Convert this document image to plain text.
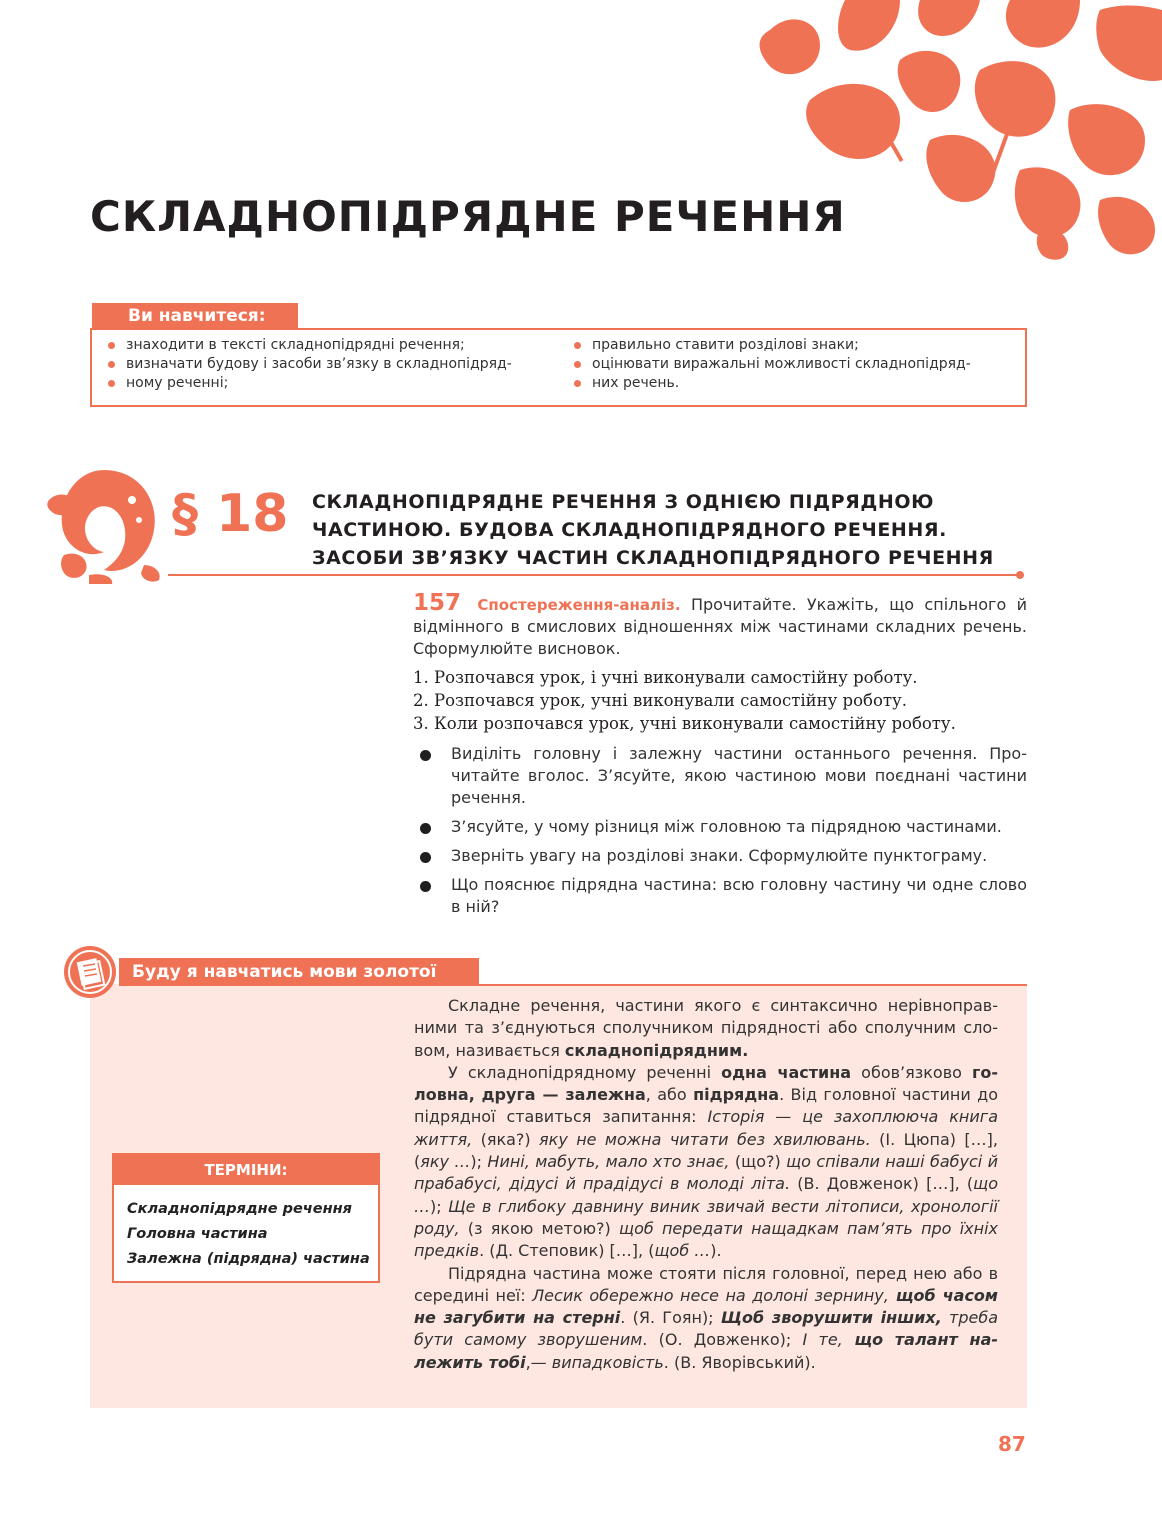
СКЛАДНОПІДРЯДНЕ РЕЧЕННЯ
Ви навчитеся:
знаходити в тексті складнопідрядні речення;
визначати будову і засоби зв’язку в складнопідряд-
ному реченні;
правильно ставити розділові знаки;
оцінювати виражальні можливості складнопідряд-
них речень.
§ 18 СКЛАДНОПІДРЯДНЕ РЕЧЕННЯ З ОДНІЄЮ ПІДРЯДНОЮ
ЧАСТИНОЮ. БУДОВА СКЛАДНОПІДРЯДНОГО РЕЧЕННЯ.
ЗАСОБИ ЗВ’ЯЗКУ ЧАСТИН СКЛАДНОПІДРЯДНОГО РЕЧЕННЯ
157 Спостереження-аналіз. Прочитайте. Укажіть, що спільного й відмінного в смислових відношеннях між частинами складних речень. Сформулюйте висновок.
1. Розпочався урок, і учні виконували самостійну роботу.
2. Розпочався урок, учні виконували самостійну роботу.
3. Коли розпочався урок, учні виконували самостійну роботу.
Виділіть головну і залежну частини останнього речення. Прочитайте вголос. З’ясуйте, якою частиною мови поєднані частини речення.
З’ясуйте, у чому різниця між головною та підрядною частинами.
Зверніть увагу на розділові знаки. Сформулюйте пунктограму.
Що пояснює підрядна частина: всю головну частину чи одне слово в ній?
Буду я навчатись мови золотої

Складне речення, частини якого є синтаксично нерівноправними та з’єднуються сполучником підрядності або сполучним словом, називається складнопідрядним.

У складнопідрядному реченні одна частина обов’язково головна, друга — залежна, або підрядна. Від головної частини до підрядної ставиться запитання: Історія — це захоплююча книга життя, (яка?) яку не можна читати без хвилювань. (І. Цюпа) […], (яку …); Нині, мабуть, мало хто знає, (що?) що співали наші бабусі й прабабусі, дідусі й прадідусі в молоді літа. (В. Довженок) […], (що …); Ще в глибоку давнину виник звичай вести літописи, хронології роду, (з якою метою?) щоб передати нащадкам пам’ять про їхніх предків. (Д. Степовик) […], (щоб …).

Підрядна частина може стояти після головної, перед нею або в середині неї: Лесик обережно несе на долоні зернину, щоб часом не загубити на стерні. (Я. Гоян); Щоб зворушити інших, треба бути самому зворушеним. (О. Довженко); І те, що талант належить тобі,— випадковість. (В. Яворівський).

ТЕРМІНИ:
Складнопідрядне речення
Головна частина
Залежна (підрядна) частина
87
